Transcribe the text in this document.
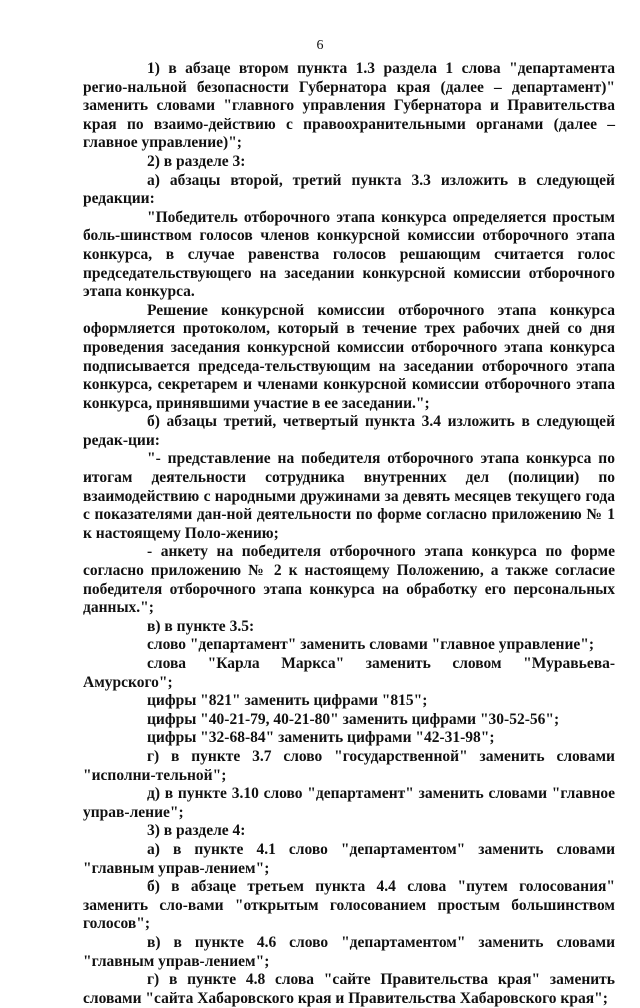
6

1) в абзаце втором пункта 1.3 раздела 1 слова "департамента регио-нальной безопасности Губернатора края (далее – департамент)" заменить словами "главного управления Губернатора и Правительства края по взаимо-действию с правоохранительными органами (далее – главное управление)";

2) в разделе 3:

а) абзацы второй, третий пункта 3.3 изложить в следующей редакции:

"Победитель отборочного этапа конкурса определяется простым боль-шинством голосов членов конкурсной комиссии отборочного этапа конкурса, в случае равенства голосов решающим считается голос председательствующего на заседании конкурсной комиссии отборочного этапа конкурса.

Решение конкурсной комиссии отборочного этапа конкурса оформляется протоколом, который в течение трех рабочих дней со дня проведения заседания конкурсной комиссии отборочного этапа конкурса подписывается председа-тельствующим на заседании отборочного этапа конкурса, секретарем и членами конкурсной комиссии отборочного этапа конкурса, принявшими участие в ее заседании.";

б) абзацы третий, четвертый пункта 3.4 изложить в следующей редак-ции:

"- представление на победителя отборочного этапа конкурса по итогам деятельности сотрудника внутренних дел (полиции) по взаимодействию с народными дружинами за девять месяцев текущего года с показателями дан-ной деятельности по форме согласно приложению № 1 к настоящему Поло-жению;

- анкету на победителя отборочного этапа конкурса по форме согласно приложению № 2 к настоящему Положению, а также согласие победителя отборочного этапа конкурса на обработку его персональных данных.";

в) в пункте 3.5:

слово "департамент" заменить словами "главное управление";

слова "Карла Маркса" заменить словом "Муравьева-Амурского";

цифры "821" заменить цифрами "815";

цифры "40-21-79, 40-21-80" заменить цифрами "30-52-56";

цифры "32-68-84" заменить цифрами "42-31-98";

г) в пункте 3.7 слово "государственной" заменить словами "исполни-тельной";

д) в пункте 3.10 слово "департамент" заменить словами "главное управ-ление";

3) в разделе 4:

а) в пункте 4.1 слово "департаментом" заменить словами "главным управ-лением";

б) в абзаце третьем пункта 4.4 слова "путем голосования" заменить сло-вами "открытым голосованием простым большинством голосов";

в) в пункте 4.6 слово "департаментом" заменить словами "главным управ-лением";

г) в пункте 4.8 слова "сайте Правительства края" заменить словами "сайта Хабаровского края и Правительства Хабаровского края";
